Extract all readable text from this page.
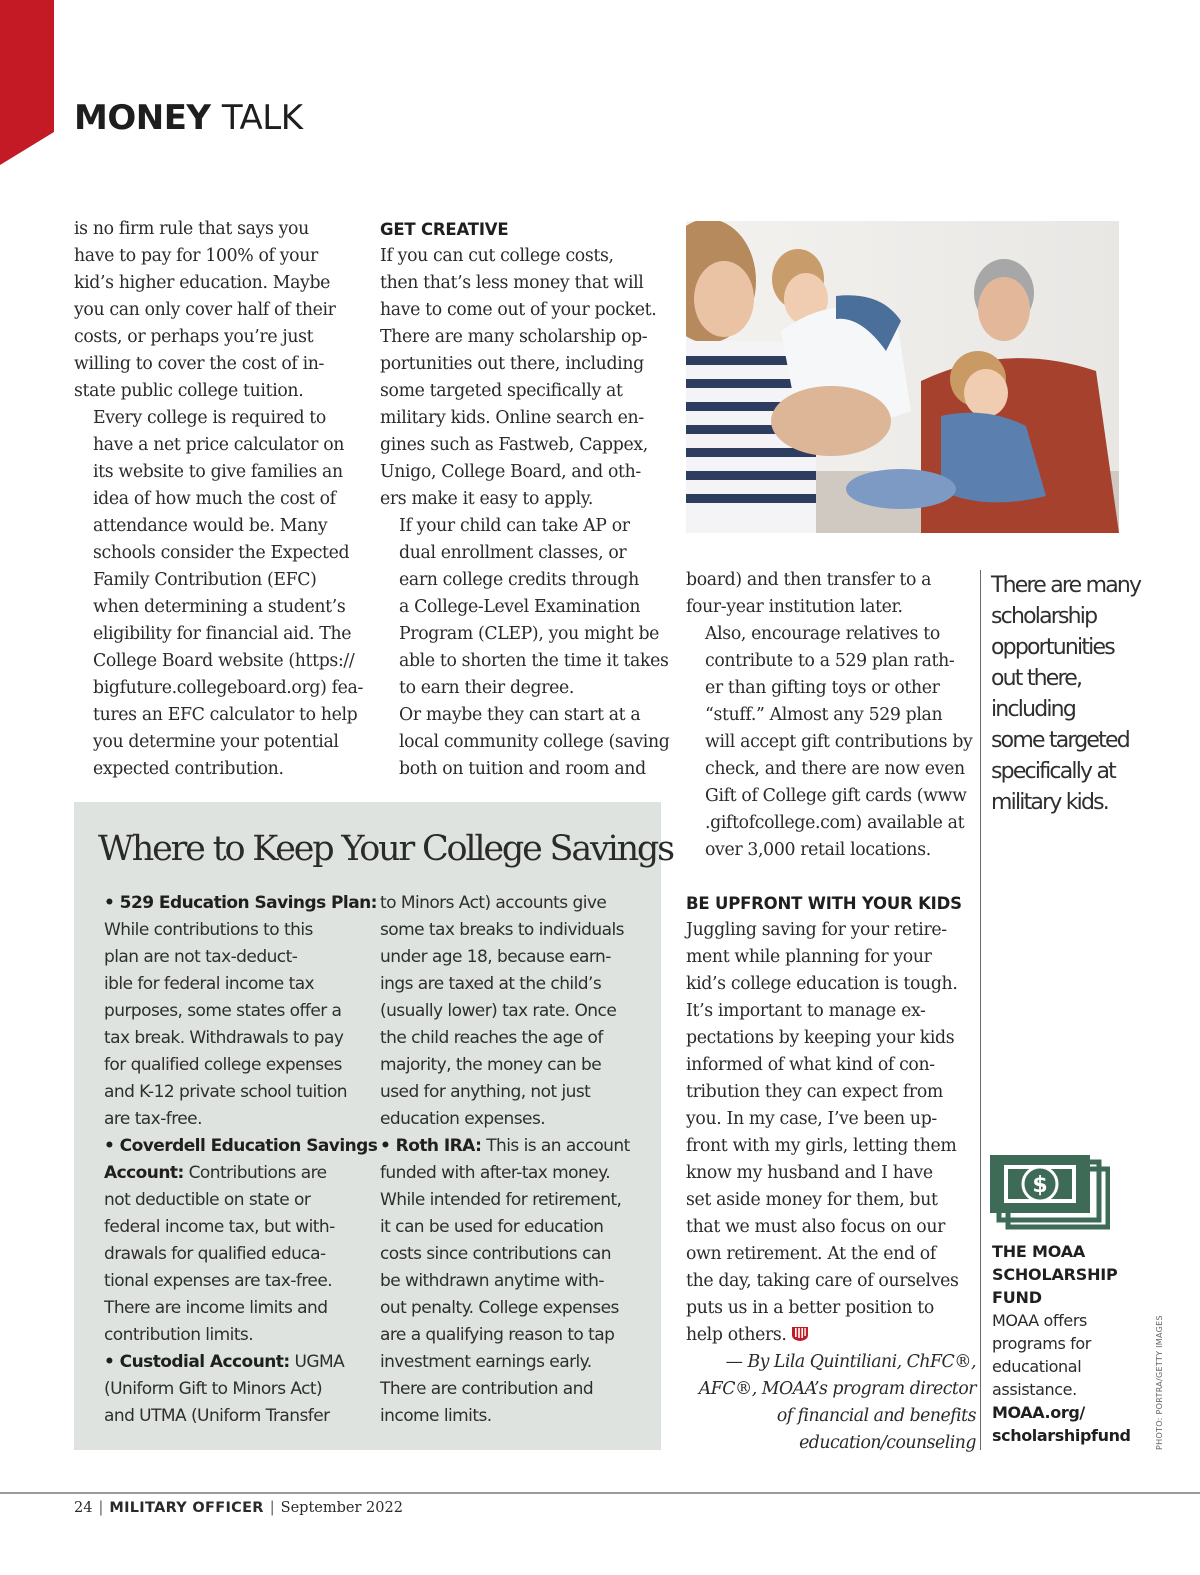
MONEY TALK

is no firm rule that says you
have to pay for 100% of your
kid’s higher education. Maybe
you can only cover half of their
costs, or perhaps you’re just
willing to cover the cost of in-
state public college tuition.

Every college is required to
have a net price calculator on
its website to give families an
idea of how much the cost of
attendance would be. Many
schools consider the Expected
Family Contribution (EFC)
when determining a student’s
eligibility for financial aid. The
College Board website (https://
bigfuture.collegeboard.org) fea-
tures an EFC calculator to help
you determine your potential
expected contribution.

GET CREATIVE

If you can cut college costs,
then that’s less money that will
have to come out of your pocket.
There are many scholarship op-
portunities out there, including
some targeted specifically at
military kids. Online search en-
gines such as Fastweb, Cappex,
Unigo, College Board, and oth-
ers make it easy to apply.

If your child can take AP or
dual enrollment classes, or
earn college credits through
a College-Level Examination
Program (CLEP), you might be
able to shorten the time it takes
to earn their degree.

Or maybe they can start at a
local community college (saving
both on tuition and room and

board) and then transfer to a
four-year institution later.

Also, encourage relatives to
contribute to a 529 plan rath-
er than gifting toys or other
“stuff.” Almost any 529 plan
will accept gift contributions by
check, and there are now even
Gift of College gift cards (www
.giftofcollege.com) available at
over 3,000 retail locations.

BE UPFRONT WITH YOUR KIDS

Juggling saving for your retire-
ment while planning for your
kid’s college education is tough.
It’s important to manage ex-
pectations by keeping your kids
informed of what kind of con-
tribution they can expect from
you. In my case, I’ve been up-
front with my girls, letting them
know my husband and I have
set aside money for them, but
that we must also focus on our
own retirement. At the end of
the day, taking care of ourselves
puts us in a better position to
help others.

— By Lila Quintiliani, ChFC®,
AFC®, MOAA’s program director
of financial and benefits
education/counseling
There are many
scholarship
opportunities
out there,
including
some targeted
specifically at
military kids.
$

THE MOAA
SCHOLARSHIP
FUND

MOAA offers
programs for
educational
assistance.

MOAA.org/
scholarshipfund	PHOTO: PORTRA/GETTY IMAGES
Where to Keep Your College Savings
• 529 Education Savings Plan:
While contributions to this
plan are not tax-deduct-
ible for federal income tax
purposes, some states offer a
tax break. Withdrawals to pay
for qualified college expenses
and K-12 private school tuition
are tax-free.
• Coverdell Education Savings
Account: Contributions are
not deductible on state or
federal income tax, but with-
drawals for qualified educa-
tional expenses are tax-free.
There are income limits and
contribution limits.
• Custodial Account: UGMA
(Uniform Gift to Minors Act)
and UTMA (Uniform Transfer
to Minors Act) accounts give
some tax breaks to individuals
under age 18, because earn-
ings are taxed at the child’s
(usually lower) tax rate. Once
the child reaches the age of
majority, the money can be
used for anything, not just
education expenses.
• Roth IRA: This is an account
funded with after-tax money.
While intended for retirement,
it can be used for education
costs since contributions can
be withdrawn anytime with-
out penalty. College expenses
are a qualifying reason to tap
investment earnings early.
There are contribution and
income limits.
24 | MILITARY OFFICER | September 2022
